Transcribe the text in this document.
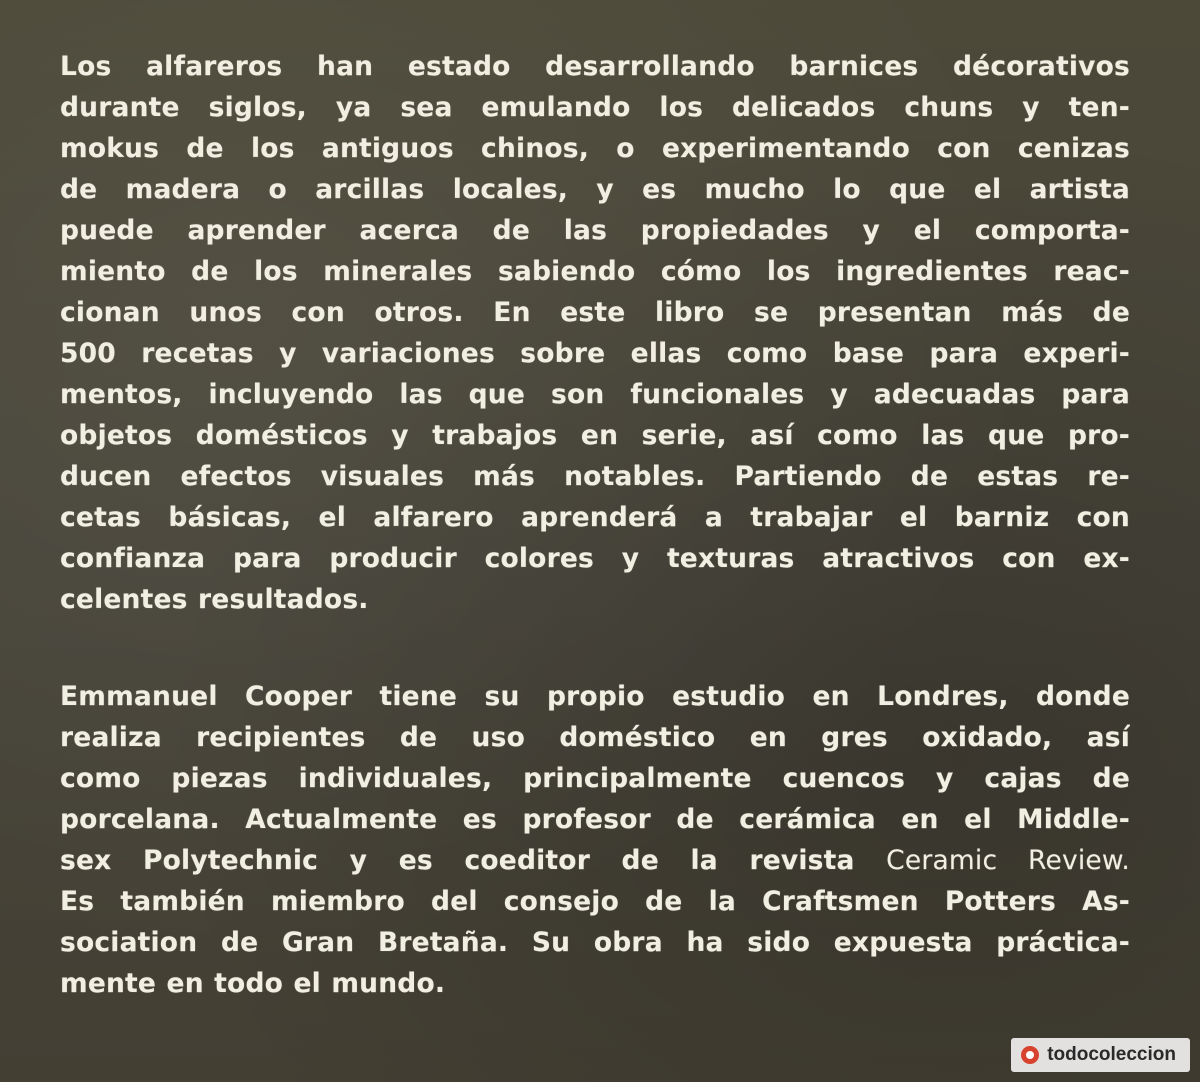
Los alfareros han estado desarrollando barnices décorativos
durante siglos, ya sea emulando los delicados chuns y ten-
mokus de los antiguos chinos, o experimentando con cenizas
de madera o arcillas locales, y es mucho lo que el artista
puede aprender acerca de las propiedades y el comporta-
miento de los minerales sabiendo cómo los ingredientes reac-
cionan unos con otros. En este libro se presentan más de
500 recetas y variaciones sobre ellas como base para experi-
mentos, incluyendo las que son funcionales y adecuadas para
objetos domésticos y trabajos en serie, así como las que pro-
ducen efectos visuales más notables. Partiendo de estas re-
cetas básicas, el alfarero aprenderá a trabajar el barniz con
confianza para producir colores y texturas atractivos con ex-
celentes resultados.
Emmanuel Cooper tiene su propio estudio en Londres, donde
realiza recipientes de uso doméstico en gres oxidado, así
como piezas individuales, principalmente cuencos y cajas de
porcelana. Actualmente es profesor de cerámica en el Middle-
sex Polytechnic y es coeditor de la revista Ceramic Review.
Es también miembro del consejo de la Craftsmen Potters As-
sociation de Gran Bretaña. Su obra ha sido expuesta práctica-
mente en todo el mundo.
todocoleccion
